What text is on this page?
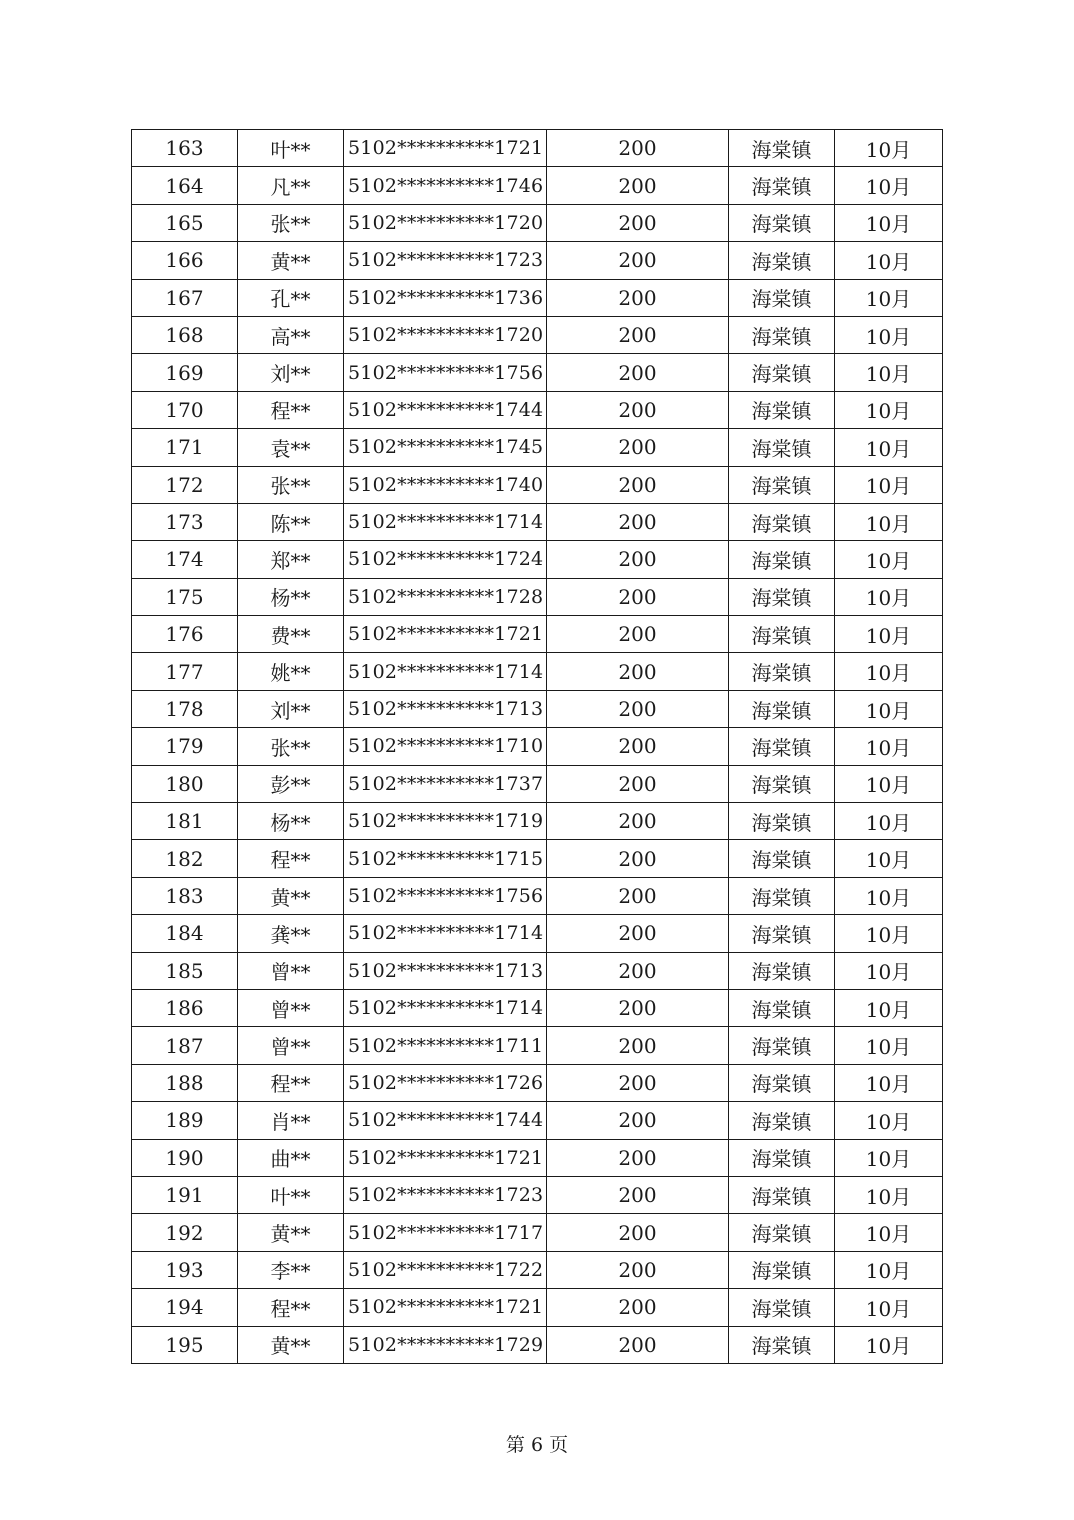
163	叶**	5102**********1721	200	海棠镇	10月
164	凡**	5102**********1746	200	海棠镇	10月
165	张**	5102**********1720	200	海棠镇	10月
166	黄**	5102**********1723	200	海棠镇	10月
167	孔**	5102**********1736	200	海棠镇	10月
168	高**	5102**********1720	200	海棠镇	10月
169	刘**	5102**********1756	200	海棠镇	10月
170	程**	5102**********1744	200	海棠镇	10月
171	袁**	5102**********1745	200	海棠镇	10月
172	张**	5102**********1740	200	海棠镇	10月
173	陈**	5102**********1714	200	海棠镇	10月
174	郑**	5102**********1724	200	海棠镇	10月
175	杨**	5102**********1728	200	海棠镇	10月
176	费**	5102**********1721	200	海棠镇	10月
177	姚**	5102**********1714	200	海棠镇	10月
178	刘**	5102**********1713	200	海棠镇	10月
179	张**	5102**********1710	200	海棠镇	10月
180	彭**	5102**********1737	200	海棠镇	10月
181	杨**	5102**********1719	200	海棠镇	10月
182	程**	5102**********1715	200	海棠镇	10月
183	黄**	5102**********1756	200	海棠镇	10月
184	龚**	5102**********1714	200	海棠镇	10月
185	曾**	5102**********1713	200	海棠镇	10月
186	曾**	5102**********1714	200	海棠镇	10月
187	曾**	5102**********1711	200	海棠镇	10月
188	程**	5102**********1726	200	海棠镇	10月
189	肖**	5102**********1744	200	海棠镇	10月
190	曲**	5102**********1721	200	海棠镇	10月
191	叶**	5102**********1723	200	海棠镇	10月
192	黄**	5102**********1717	200	海棠镇	10月
193	李**	5102**********1722	200	海棠镇	10月
194	程**	5102**********1721	200	海棠镇	10月
195	黄**	5102**********1729	200	海棠镇	10月
第 6 页
